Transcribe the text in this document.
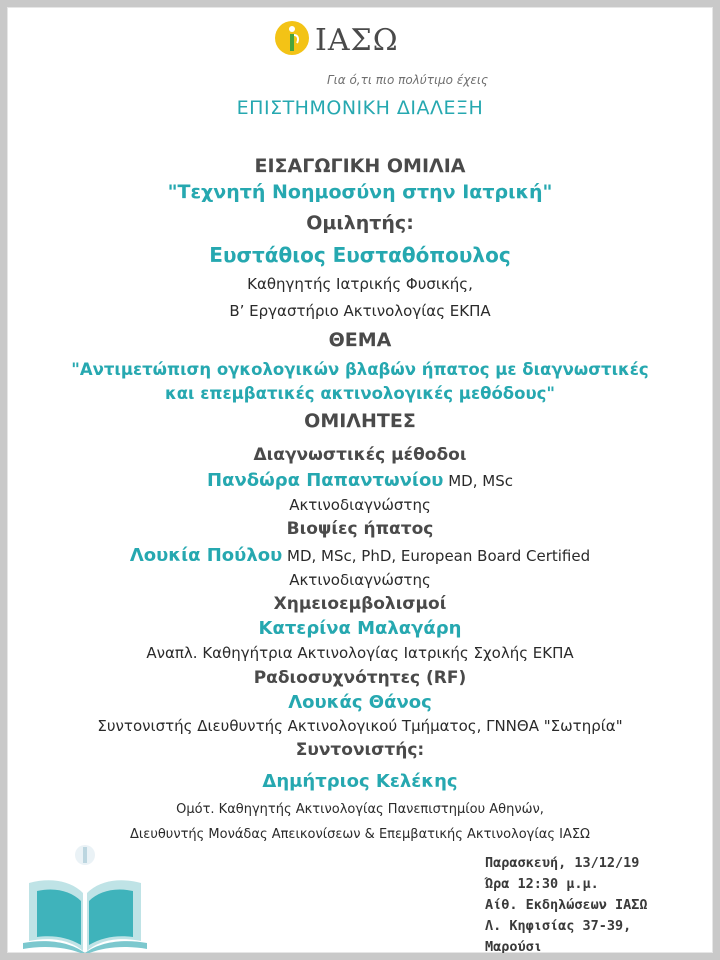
ΙΑΣΩ
Για ό,τι πιο πολύτιμο έχεις
ΕΠΙΣΤΗΜΟΝΙΚΗ ΔΙΑΛΕΞΗ
ΕΙΣΑΓΩΓΙΚΗ ΟΜΙΛΙΑ
"Τεχνητή Νοημοσύνη στην Ιατρική"
Ομιλητής:
Ευστάθιος Ευσταθόπουλος
Καθηγητής Ιατρικής Φυσικής,
Β’ Εργαστήριο Ακτινολογίας ΕΚΠΑ
ΘΕΜΑ
"Αντιμετώπιση ογκολογικών βλαβών ήπατος με διαγνωστικές
και επεμβατικές ακτινολογικές μεθόδους"
ΟΜΙΛΗΤΕΣ
Διαγνωστικές μέθοδοι
Πανδώρα Παπαντωνίου MD, MSc
Ακτινοδιαγνώστης
Βιοψίες ήπατος
Λουκία Πούλου MD, MSc, PhD, European Board Certified
Ακτινοδιαγνώστης
Χημειοεμβολισμοί
Κατερίνα Μαλαγάρη
Αναπλ. Καθηγήτρια Ακτινολογίας Ιατρικής Σχολής ΕΚΠΑ
Ραδιοσυχνότητες (RF)
Λουκάς Θάνος
Συντονιστής Διευθυντής Ακτινολογικού Τμήματος, ΓΝΝΘΑ "Σωτηρία"
Συντονιστής:
Δημήτριος Κελέκης
Ομότ. Καθηγητής Ακτινολογίας Πανεπιστημίου Αθηνών,
Διευθυντής Μονάδας Απεικονίσεων & Επεμβατικής Ακτινολογίας ΙΑΣΩ
Παρασκευή, 13/12/19
Ώρα 12:30 μ.μ.
Αίθ. Εκδηλώσεων ΙΑΣΩ
Λ. Κηφισίας 37-39,
Μαρούσι
